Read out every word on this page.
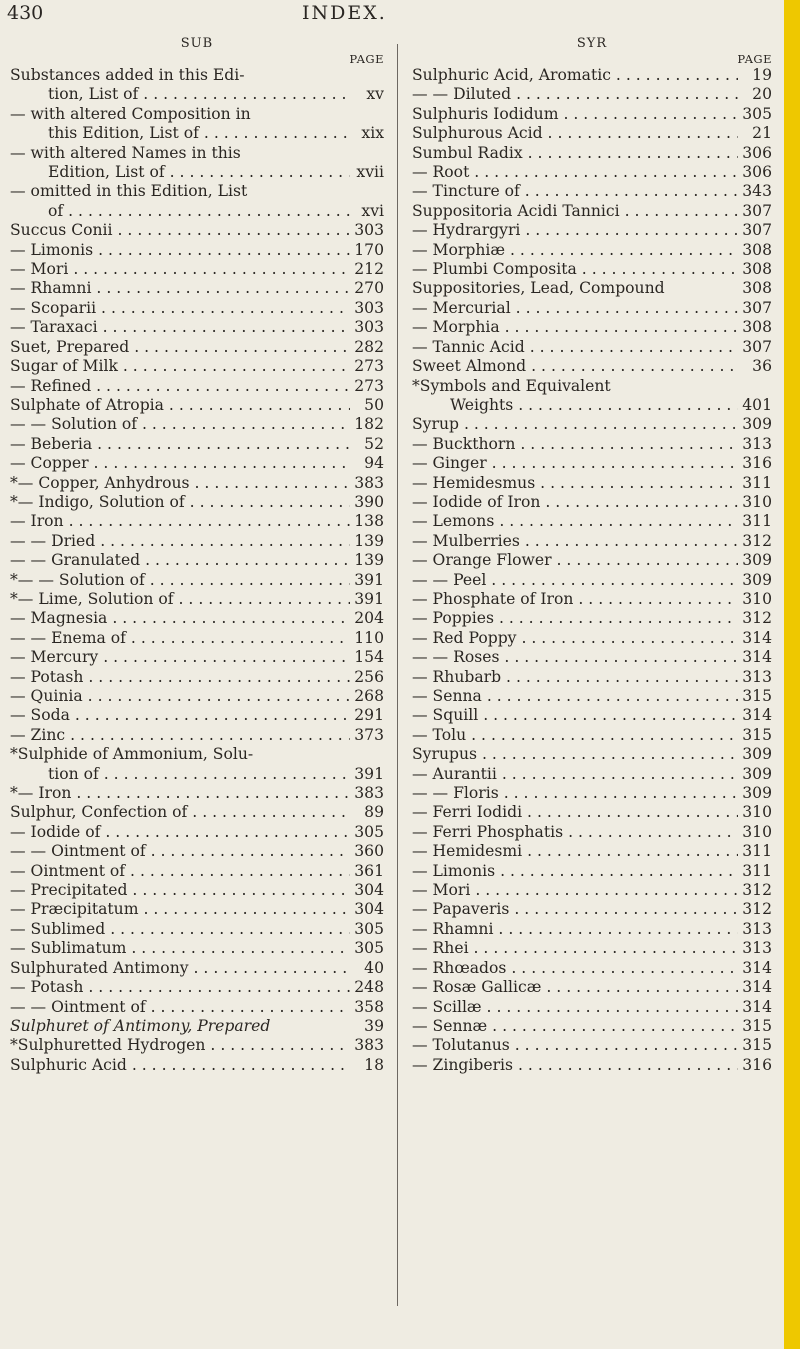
430	INDEX.
SUB
PAGE
Substances added in this Edi-
tion, List of . . .	xv
— with altered Composition in
this Edition, List of . . . .	xix
— with altered Names in this
Edition, List of . . .	xvii
— omitted in this Edition, List
of . . .	xvi
Succus Conii . . .	303
— Limonis . . .	170
— Mori . . .	212
— Rhamni . . .	270
— Scoparii . . .	303
— Taraxaci . . .	303
Suet, Prepared . . .	282
Sugar of Milk . . .	273
— Refined . . .	273
Sulphate of Atropia . . .	50
— — Solution of . . .	182
— Beberia . . .	52
— Copper . . .	94
*— Copper, Anhydrous . . .	383
*— Indigo, Solution of . . .	390
— Iron . . .	138
— — Dried . . .	139
— — Granulated . . .	139
*— — Solution of . . .	391
*— Lime, Solution of . . .	391
— Magnesia . . .	204
— — Enema of . . .	110
— Mercury . . .	154
— Potash . . .	256
— Quinia . . .	268
— Soda . . .	291
— Zinc . . .	373
*Sulphide of Ammonium, Solu-
tion of . . .	391
*— Iron . . .	383
Sulphur, Confection of . . .	89
— Iodide of . . .	305
— — Ointment of . . .	360
— Ointment of . . .	361
— Precipitated . . .	304
— Præcipitatum . . .	304
— Sublimed . . .	305
— Sublimatum . . .	305
Sulphurated Antimony . . .	40
— Potash . . .	248
— — Ointment of . . .	358
Sulphuret of Antimony, Prepared	39
*Sulphuretted Hydrogen . . . .	383
Sulphuric Acid . . .	18
SYR
PAGE
Sulphuric Acid, Aromatic . . .	19
— — Diluted . . .	20
Sulphuris Iodidum . . .	305
Sulphurous Acid . . .	21
Sumbul Radix . . .	306
— Root . . .	306
— Tincture of . . .	343
Suppositoria Acidi Tannici . . .	307
— Hydrargyri . . .	307
— Morphiæ . . .	308
— Plumbi Composita . . .	308
Suppositories, Lead, Compound	308
— Mercurial . . .	307
— Morphia . . .	308
— Tannic Acid . . .	307
Sweet Almond . . .	36
*Symbols and Equivalent
Weights . . .	401
Syrup . . .	309
— Buckthorn . . .	313
— Ginger . . .	316
— Hemidesmus . . .	311
— Iodide of Iron . . .	310
— Lemons . . .	311
— Mulberries . . .	312
— Orange Flower . . .	309
— — Peel . . .	309
— Phosphate of Iron . . .	310
— Poppies . . .	312
— Red Poppy . . .	314
— — Roses . . .	314
— Rhubarb . . .	313
— Senna . . .	315
— Squill . . .	314
— Tolu . . .	315
Syrupus . . .	309
— Aurantii . . .	309
— — Floris . . .	309
— Ferri Iodidi . . .	310
— Ferri Phosphatis . . .	310
— Hemidesmi . . .	311
— Limonis . . .	311
— Mori . . .	312
— Papaveris . . .	312
— Rhamni . . .	313
— Rhei . . .	313
— Rhœados . . .	314
— Rosæ Gallicæ . . .	314
— Scillæ . . .	314
— Sennæ . . .	315
— Tolutanus . . .	315
— Zingiberis . . .	316
